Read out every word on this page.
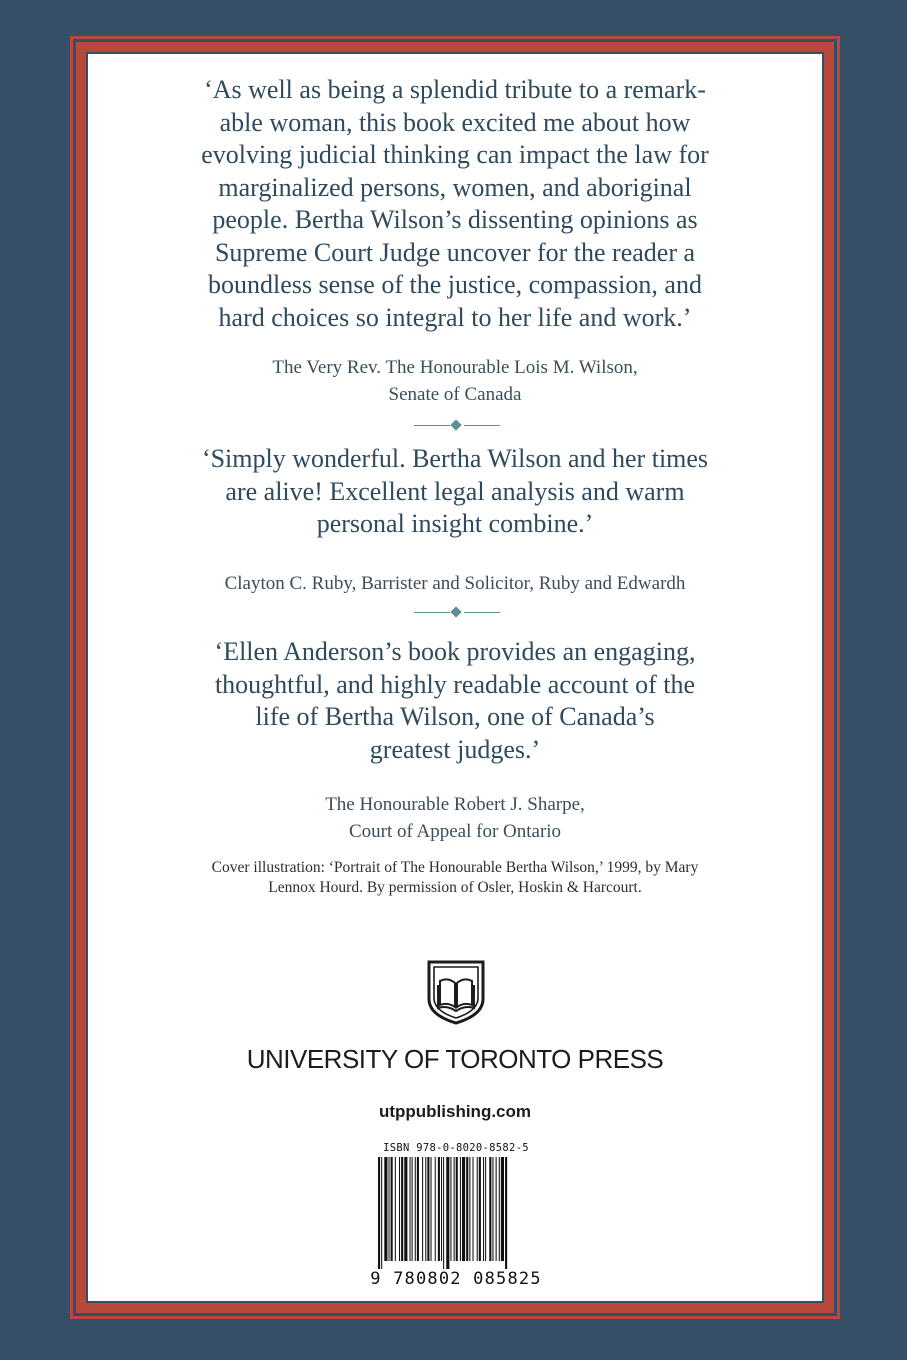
‘As well as being a splendid tribute to a remark-
able woman, this book excited me about how
evolving judicial thinking can impact the law for
marginalized persons, women, and aboriginal
people. Bertha Wilson’s dissenting opinions as
Supreme Court Judge uncover for the reader a
boundless sense of the justice, compassion, and
hard choices so integral to her life and work.’
The Very Rev. The Honourable Lois M. Wilson,
Senate of Canada
‘Simply wonderful. Bertha Wilson and her times
are alive! Excellent legal analysis and warm
personal insight combine.’
Clayton C. Ruby, Barrister and Solicitor, Ruby and Edwardh
‘Ellen Anderson’s book provides an engaging,
thoughtful, and highly readable account of the
life of Bertha Wilson, one of Canada’s
greatest judges.’
The Honourable Robert J. Sharpe,
Court of Appeal for Ontario
Cover illustration: ‘Portrait of The Honourable Bertha Wilson,’ 1999, by Mary
Lennox Hourd. By permission of Osler, Hoskin & Harcourt.
UNIVERSITY OF TORONTO PRESS
utppublishing.com
ISBN 978-0-8020-8582-5
9 780802 085825
